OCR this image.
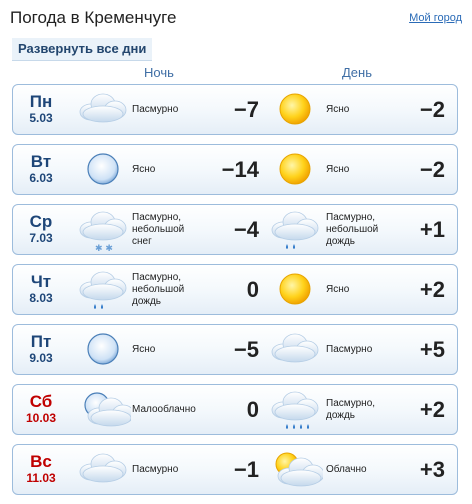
Погода в Кременчуге	Мой город
Развернуть все дни
Ночь	День
Пн
5.03
Пасмурно	−7	Ясно	−2
Вт
6.03
Ясно	−14	Ясно	−2
Ср
7.03
✱ ✱
Пасмурно,
небольшой
снег	−4	Пасмурно,
небольшой
дождь	+1
Чт
8.03
Пасмурно,
небольшой
дождь	0	Ясно	+2
Пт
9.03
Ясно	−5	Пасмурно	+5
Сб
10.03
Малооблачно	0	Пасмурно,
дождь	+2
Вс
11.03
Пасмурно	−1	Облачно	+3
